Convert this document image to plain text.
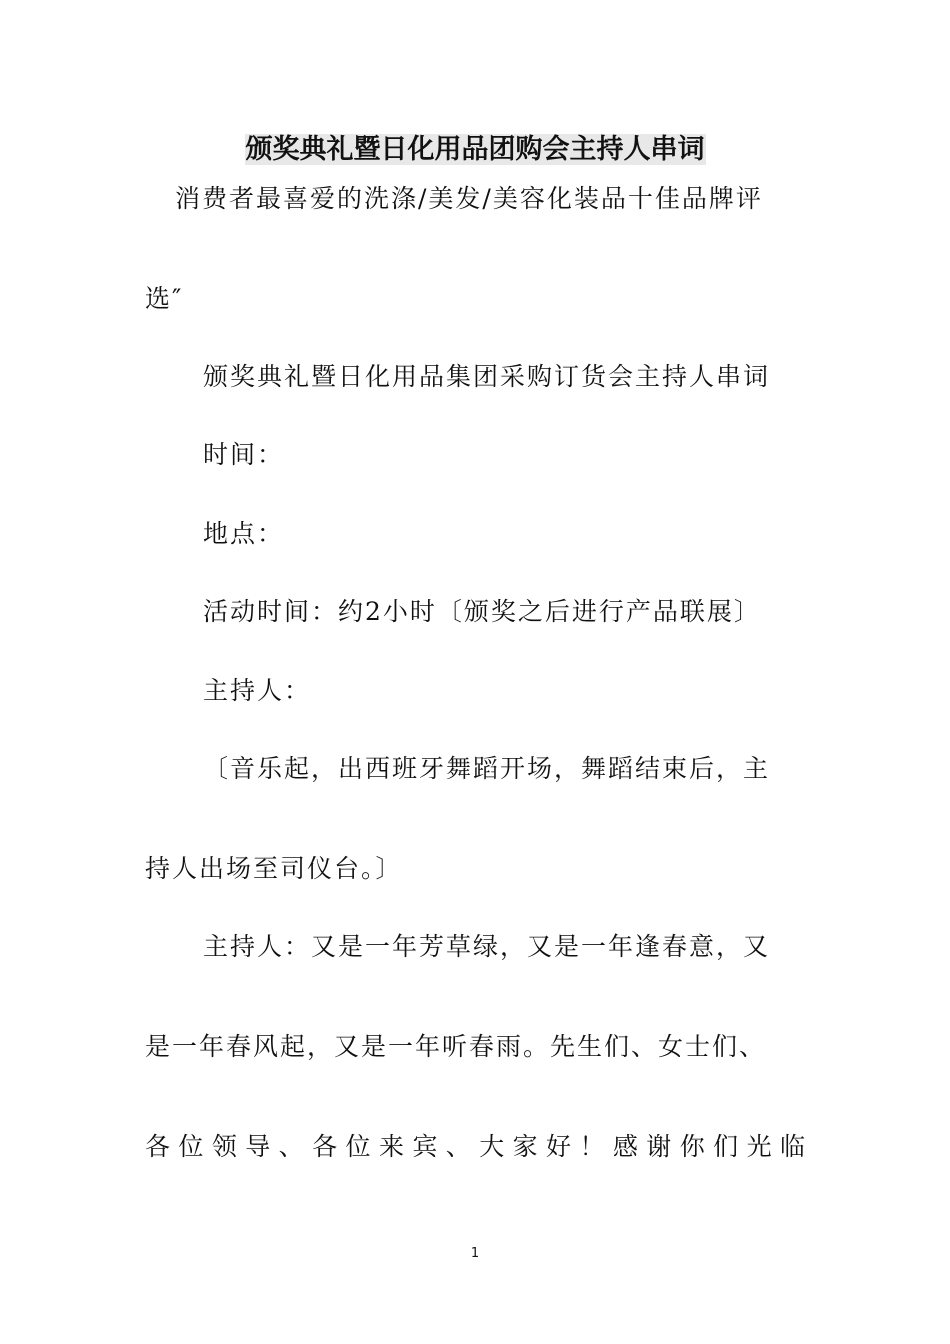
颁奖典礼暨日化用品团购会主持人串词

消费者最喜爱的洗涤/美发/美容化装品十佳品牌评

选″

颁奖典礼暨日化用品集团采购订货会主持人串词

时间：

地点：

活动时间：约2小时〔颁奖之后进行产品联展〕

主持人：

〔音乐起，出西班牙舞蹈开场，舞蹈结束后，主

持人出场至司仪台。〕

主持人：又是一年芳草绿，又是一年逢春意，又

是一年春风起，又是一年听春雨。先生们、女士们、

各位领导、各位来宾、大家好！感谢你们光临

1
